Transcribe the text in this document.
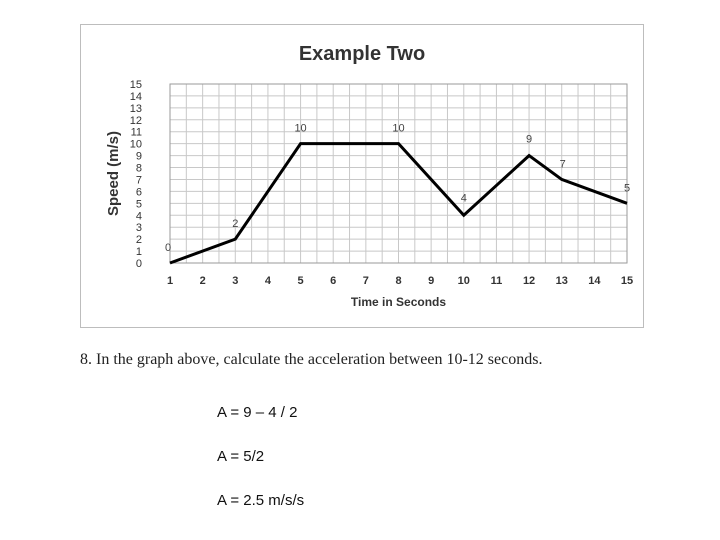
Example Two
Speed (m/s)
Time in Seconds
1 2 3 4 5 6 7 8 9 10 11 12 13 14 15
0
1
2
3
4
5
6
7
8
9
10
11
12
13
14
15
0
2
10	10
4
9
7
5
8. In the graph above, calculate the acceleration between 10-12 seconds.
A = 9 – 4 / 2
A = 5/2
A = 2.5 m/s/s
